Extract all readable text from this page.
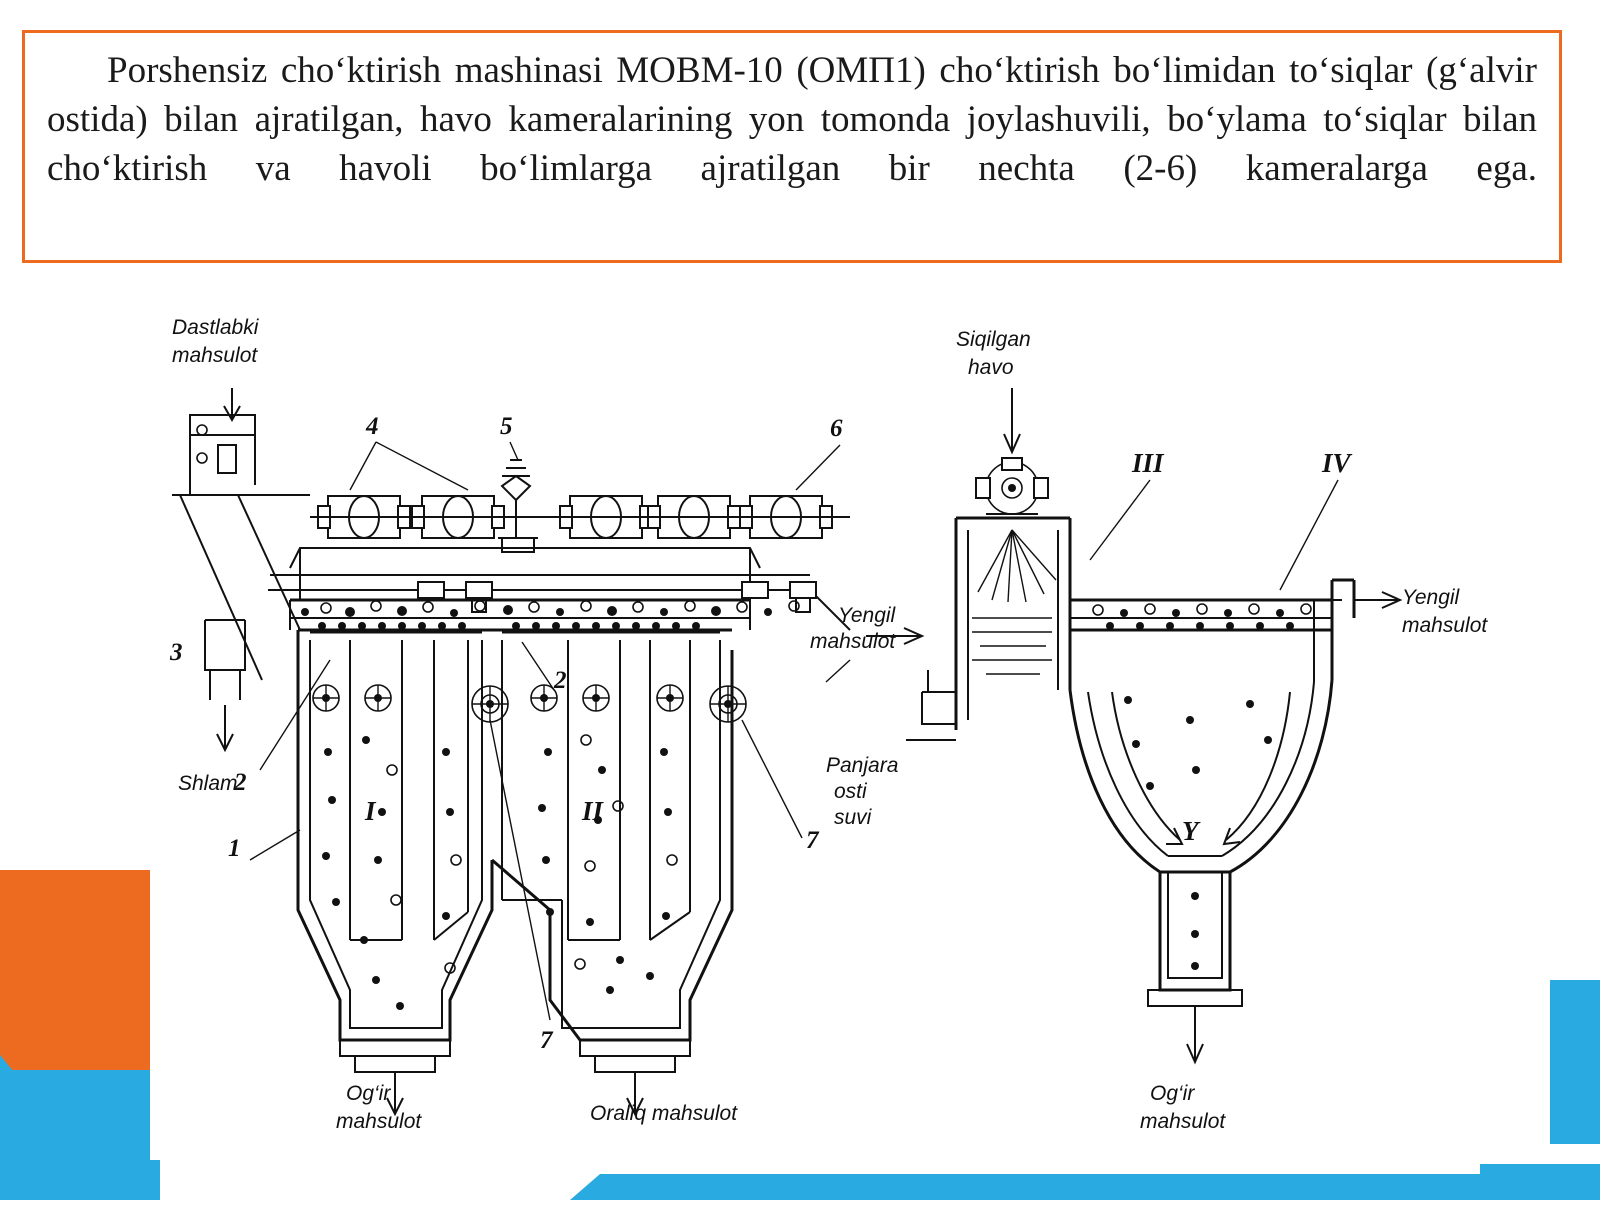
Porshensiz cho‘ktirish mashinasi MOBM-10 (ОМП1) cho‘ktirish bo‘limidan to‘siqlar (g‘alvir ostida) bilan ajratilgan, havo kameralarining yon tomonda joylashuvili, bo‘ylama to‘siqlar bilan cho‘ktirish va havoli bo‘limlarga ajratilgan bir nechta (2-6) kameralarga ega.

Dastlabki
mahsulot
Shlam
3
4	5	6
1
2
2
7
7
I	II
Og‘ir
mahsulot	Oraliq mahsulot
Yengil
mahsulot
Panjara
osti
suvi
Siqilgan
havo
Yengil
mahsulot
III	IV
Y
Og‘ir
mahsulot
